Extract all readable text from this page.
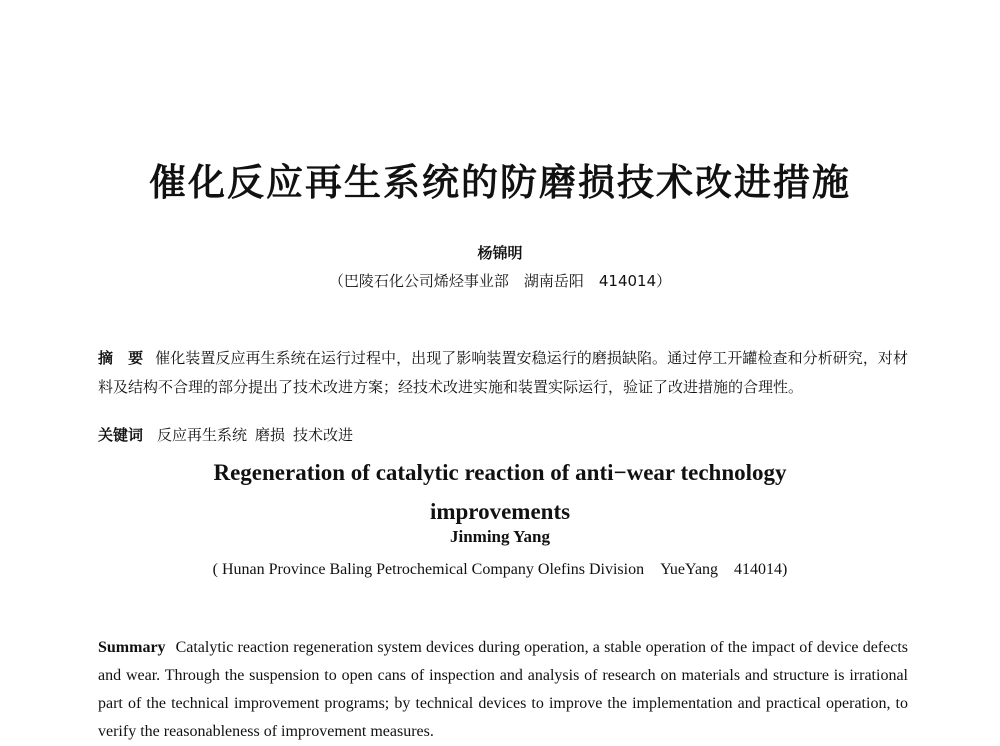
催化反应再生系统的防磨损技术改进措施
杨锦明
（巴陵石化公司烯烃事业部　湖南岳阳　414014）

摘　要 催化装置反应再生系统在运行过程中，出现了影响装置安稳运行的磨损缺陷。通过停工开罐检查和分析研究，对材料及结构不合理的部分提出了技术改进方案；经技术改进实施和装置实际运行，验证了改进措施的合理性。

关键词 反应再生系统 磨损 技术改进

Regeneration of catalytic reaction of anti−wear technology improvements
Jinming Yang
( Hunan Province Baling Petrochemical Company Olefins Division　YueYang　414014)

Summary Catalytic reaction regeneration system devices during operation, a stable operation of the impact of device defects and wear. Through the suspension to open cans of inspection and analysis of research on materials and structure is irrational part of the technical improvement programs; by technical devices to improve the implementation and practical operation, to verify the reasonableness of improvement measures.
